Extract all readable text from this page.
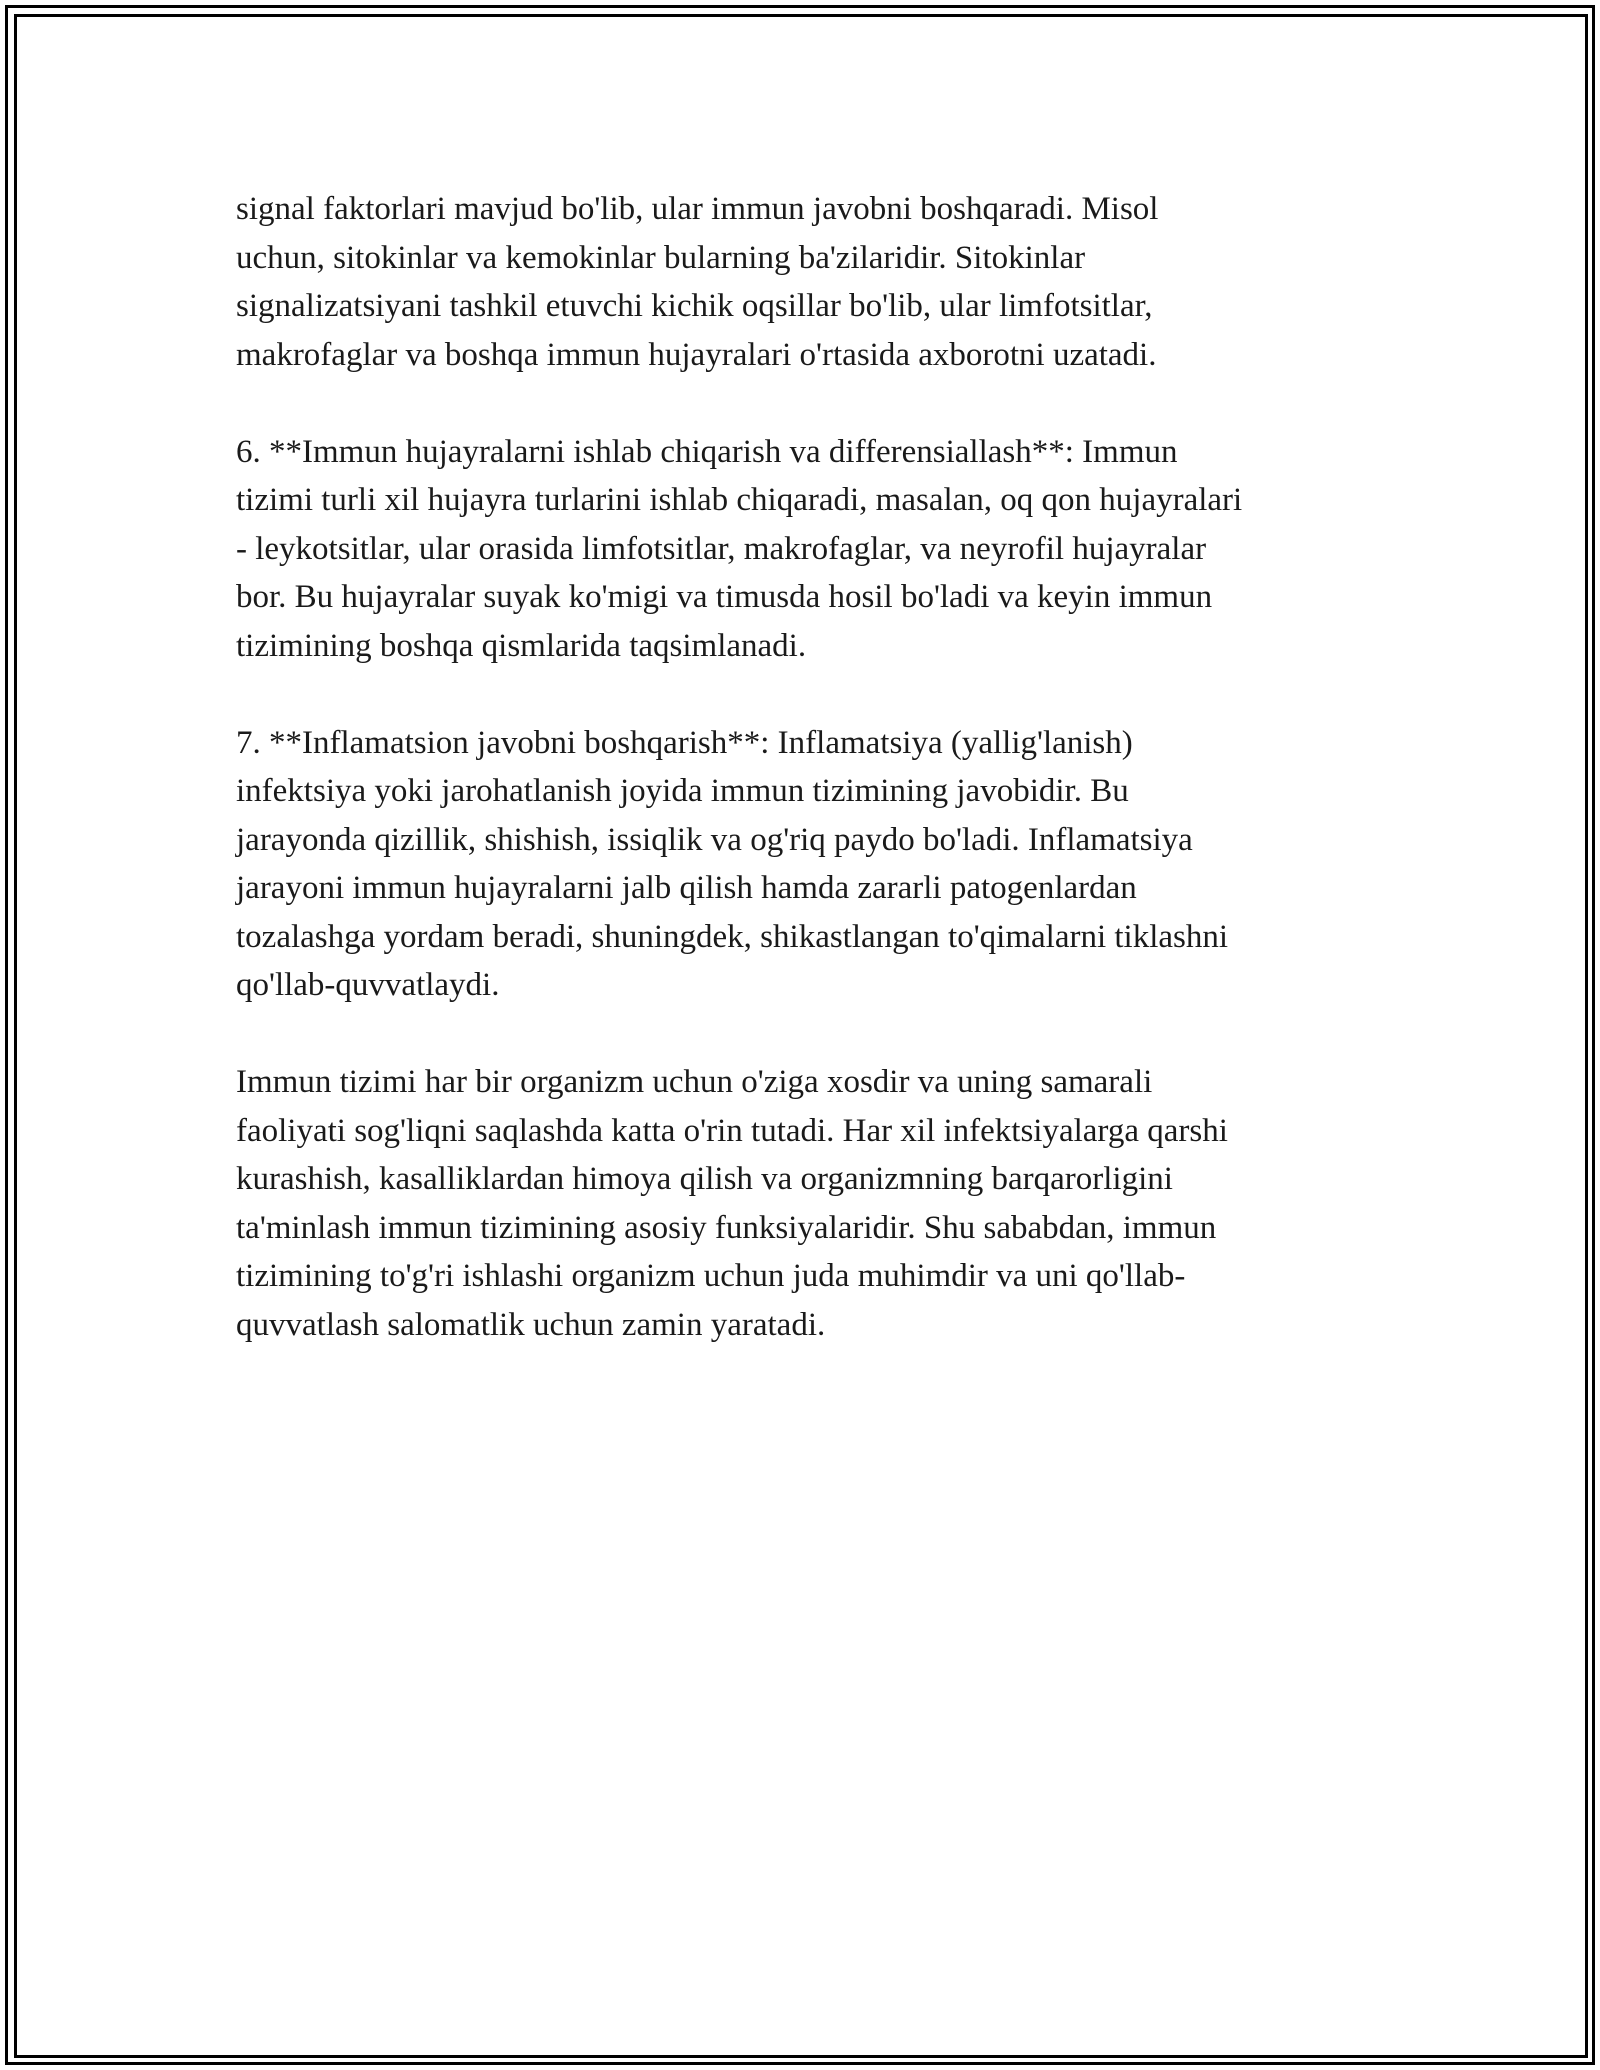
signal faktorlari mavjud bo'lib, ular immun javobni boshqaradi. Misol
uchun, sitokinlar va kemokinlar bularning ba'zilaridir. Sitokinlar
signalizatsiyani tashkil etuvchi kichik oqsillar bo'lib, ular limfotsitlar,
makrofaglar va boshqa immun hujayralari o'rtasida axborotni uzatadi.

6. **Immun hujayralarni ishlab chiqarish va differensiallash**: Immun
tizimi turli xil hujayra turlarini ishlab chiqaradi, masalan, oq qon hujayralari
- leykotsitlar, ular orasida limfotsitlar, makrofaglar, va neyrofil hujayralar
bor. Bu hujayralar suyak ko'migi va timusda hosil bo'ladi va keyin immun
tizimining boshqa qismlarida taqsimlanadi.

7. **Inflamatsion javobni boshqarish**: Inflamatsiya (yallig'lanish)
infektsiya yoki jarohatlanish joyida immun tizimining javobidir. Bu
jarayonda qizillik, shishish, issiqlik va og'riq paydo bo'ladi. Inflamatsiya
jarayoni immun hujayralarni jalb qilish hamda zararli patogenlardan
tozalashga yordam beradi, shuningdek, shikastlangan to'qimalarni tiklashni
qo'llab-quvvatlaydi.

Immun tizimi har bir organizm uchun o'ziga xosdir va uning samarali
faoliyati sog'liqni saqlashda katta o'rin tutadi. Har xil infektsiyalarga qarshi
kurashish, kasalliklardan himoya qilish va organizmning barqarorligini
ta'minlash immun tizimining asosiy funksiyalaridir. Shu sababdan, immun
tizimining to'g'ri ishlashi organizm uchun juda muhimdir va uni qo'llab-
quvvatlash salomatlik uchun zamin yaratadi.
